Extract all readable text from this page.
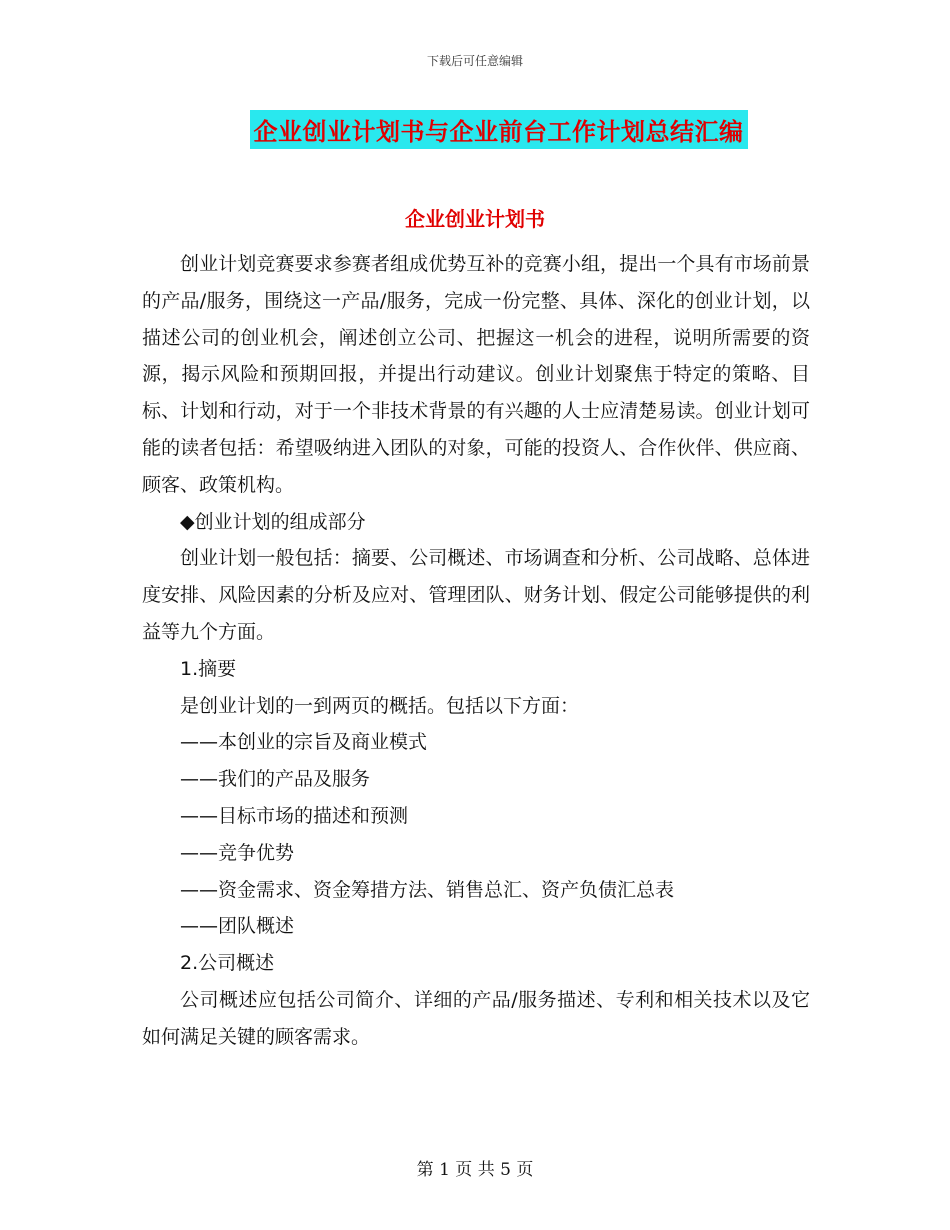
下载后可任意编辑
企业创业计划书与企业前台工作计划总结汇编
企业创业计划书

创业计划竞赛要求参赛者组成优势互补的竞赛小组，提出一个具有市场前景的产品/服务，围绕这一产品/服务，完成一份完整、具体、深化的创业计划，以描述公司的创业机会，阐述创立公司、把握这一机会的进程，说明所需要的资源，揭示风险和预期回报，并提出行动建议。创业计划聚焦于特定的策略、目标、计划和行动，对于一个非技术背景的有兴趣的人士应清楚易读。创业计划可能的读者包括：希望吸纳进入团队的对象，可能的投资人、合作伙伴、供应商、顾客、政策机构。

◆创业计划的组成部分

创业计划一般包括：摘要、公司概述、市场调查和分析、公司战略、总体进度安排、风险因素的分析及应对、管理团队、财务计划、假定公司能够提供的利益等九个方面。

1.摘要

是创业计划的一到两页的概括。包括以下方面：

——本创业的宗旨及商业模式

——我们的产品及服务

——目标市场的描述和预测

——竞争优势

——资金需求、资金筹措方法、销售总汇、资产负债汇总表

——团队概述

2.公司概述

公司概述应包括公司简介、详细的产品/服务描述、专利和相关技术以及它如何满足关键的顾客需求。

第 1 页 共 5 页
